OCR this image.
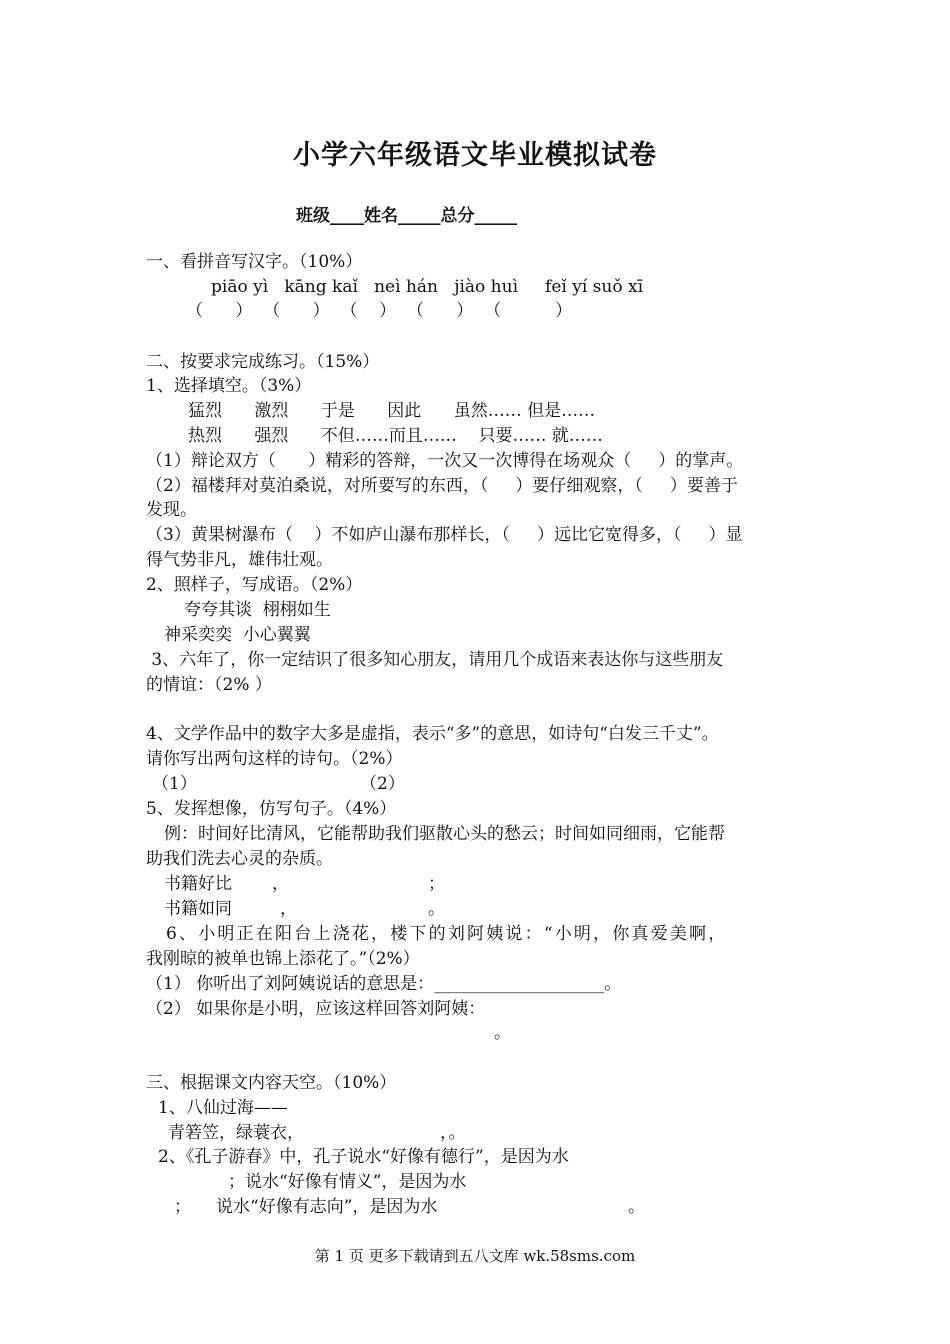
小学六年级语文毕业模拟试卷
班级____姓名_____总分_____
一、看拼音写汉字。（10%）
piāo yì   kāng kaǐ   neì hán   jiào huì     feǐ yí suǒ xī
（      ）  （      ）  （    ）  （      ）  （          ）
二、按要求完成练习。（15%）
1、选择填空。（3%）
猛烈      激烈      于是      因此      虽然…… 但是……
热烈      强烈      不但……而且……    只要…… 就……
（1）辩论双方（      ）精彩的答辩，一次又一次博得在场观众（     ）的掌声。
（2）福楼拜对莫泊桑说，对所要写的东西，（     ）要仔细观察，（     ）要善于
发现。
（3）黄果树瀑布（    ）不如庐山瀑布那样长，（     ）远比它宽得多，（     ）显
得气势非凡，雄伟壮观。
2、照样子，写成语。（2%）
夸夸其谈  栩栩如生
神采奕奕  小心翼翼
3、六年了，你一定结识了很多知心朋友，请用几个成语来表达你与这些朋友
的情谊：（2% ）
4、文学作品中的数字大多是虚指，表示“多”的意思，如诗句“白发三千丈”。
请你写出两句这样的诗句。（2%）
（1）	（2）
5、发挥想像，仿写句子。（4%）
例：时间好比清风，它能帮助我们驱散心头的愁云；时间如同细雨，它能帮
助我们洗去心灵的杂质。
书籍好比 ，	；
书籍如同	，	。
6、小明正在阳台上浇花，楼下的刘阿姨说：“小明，你真爱美啊，
我刚晾的被单也锦上添花了。”（2%）
（1） 你听出了刘阿姨说话的意思是：____________________。
（2） 如果你是小明，应该这样回答刘阿姨：
。
三、根据课文内容天空。（10%）
1、八仙过海——
青箬笠，绿蓑衣，	，。
2、《孔子游春》中，孔子说水“好像有德行”，是因为水
；说水“好像有情义”，是因为水
； 说水“好像有志向”，是因为水	。
第 1 页 更多下载请到五八文库 wk.58sms.com
